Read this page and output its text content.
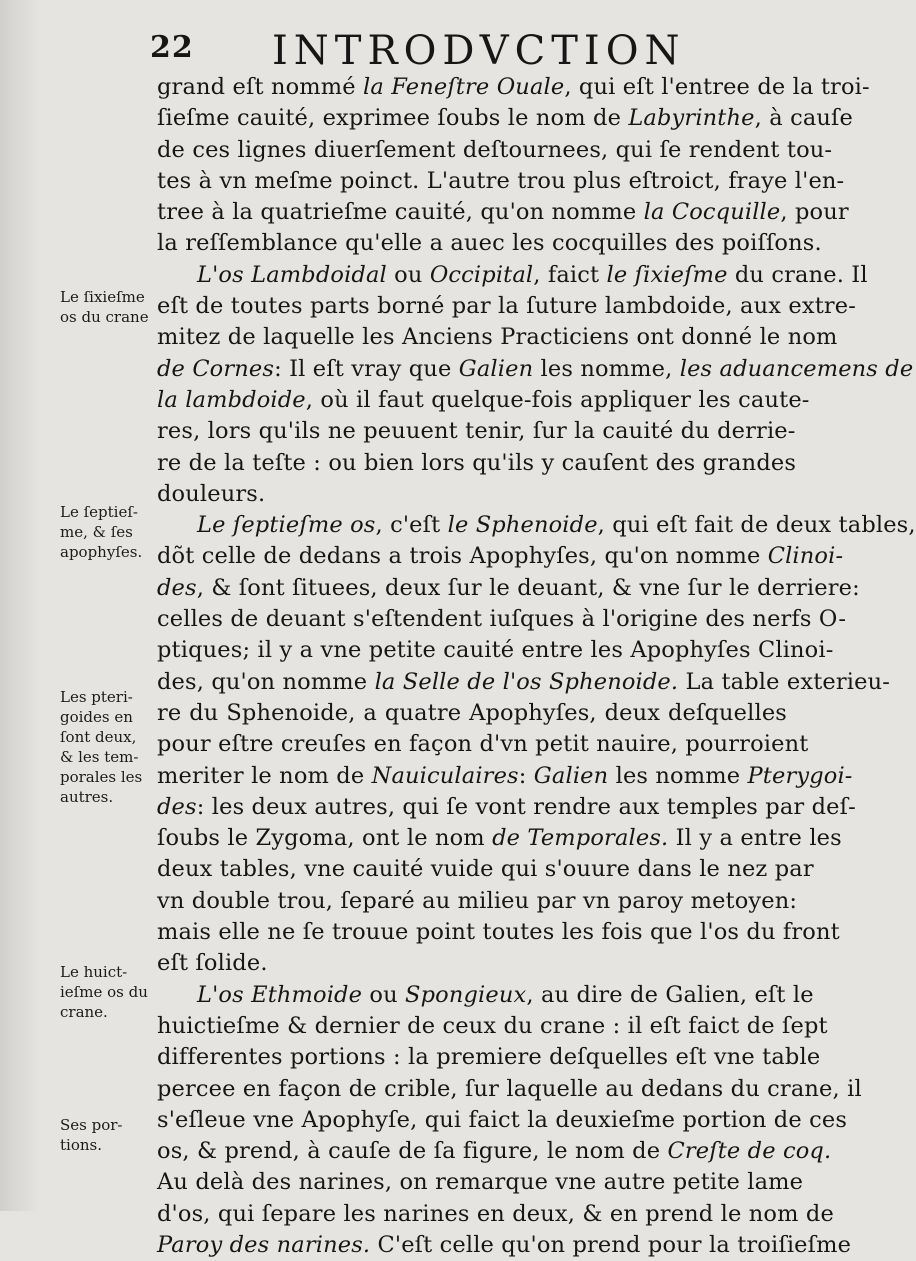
22 INTRODVCTION
grand eſt nommé la Feneſtre Ouale, qui eſt l'entree de la troi-
ſieſme cauité, exprimee ſoubs le nom de Labyrinthe, à cauſe
de ces lignes diuerſement deſtournees, qui ſe rendent tou-
tes à vn meſme poinct. L'autre trou plus eſtroict, fraye l'en-
tree à la quatrieſme cauité, qu'on nomme la Cocquille, pour
la reſſemblance qu'elle a auec les cocquilles des poiſſons.
L'os Lambdoidal ou Occipital, faict le ſixieſme du crane. Il
eſt de toutes parts borné par la ſuture lambdoide, aux extre-
mitez de laquelle les Anciens Practiciens ont donné le nom
de Cornes: Il eſt vray que Galien les nomme, les aduancemens de
la lambdoide, où il faut quelque-fois appliquer les caute-
res, lors qu'ils ne peuuent tenir, ſur la cauité du derrie-
re de la teſte : ou bien lors qu'ils y cauſent des grandes
douleurs.
Le ſeptieſme os, c'eſt le Sphenoide, qui eſt fait de deux tables,
dõt celle de dedans a trois Apophyſes, qu'on nomme Clinoi-
des, & ſont ſituees, deux ſur le deuant, & vne ſur le derriere:
celles de deuant s'eſtendent iuſques à l'origine des nerfs O-
ptiques; il y a vne petite cauité entre les Apophyſes Clinoi-
des, qu'on nomme la Selle de l'os Sphenoide. La table exterieu-
re du Sphenoide, a quatre Apophyſes, deux deſquelles
pour eſtre creuſes en façon d'vn petit nauire, pourroient
meriter le nom de Nauiculaires: Galien les nomme Pterygoi-
des: les deux autres, qui ſe vont rendre aux temples par deſ-
ſoubs le Zygoma, ont le nom de Temporales. Il y a entre les
deux tables, vne cauité vuide qui s'ouure dans le nez par
vn double trou, ſeparé au milieu par vn paroy metoyen:
mais elle ne ſe trouue point toutes les fois que l'os du front
eſt ſolide.
L'os Ethmoide ou Spongieux, au dire de Galien, eſt le
huictieſme & dernier de ceux du crane : il eſt faict de ſept
differentes portions : la premiere deſquelles eſt vne table
percee en façon de crible, ſur laquelle au dedans du crane, il
s'eſleue vne Apophyſe, qui faict la deuxieſme portion de ces
os, & prend, à cauſe de ſa figure, le nom de Creſte de coq.
Au delà des narines, on remarque vne autre petite lame
d'os, qui ſepare les narines en deux, & en prend le nom de
Paroy des narines. C'eſt celle qu'on prend pour la troiſieſme
Le ſixieſme
os du crane
Le ſeptieſ-
me, & ſes
apophyſes.
Les pteri-
goides en
ſont deux,
& les tem-
porales les
autres.
Le huict-
ieſme os du
crane.
Ses por-
tions.
